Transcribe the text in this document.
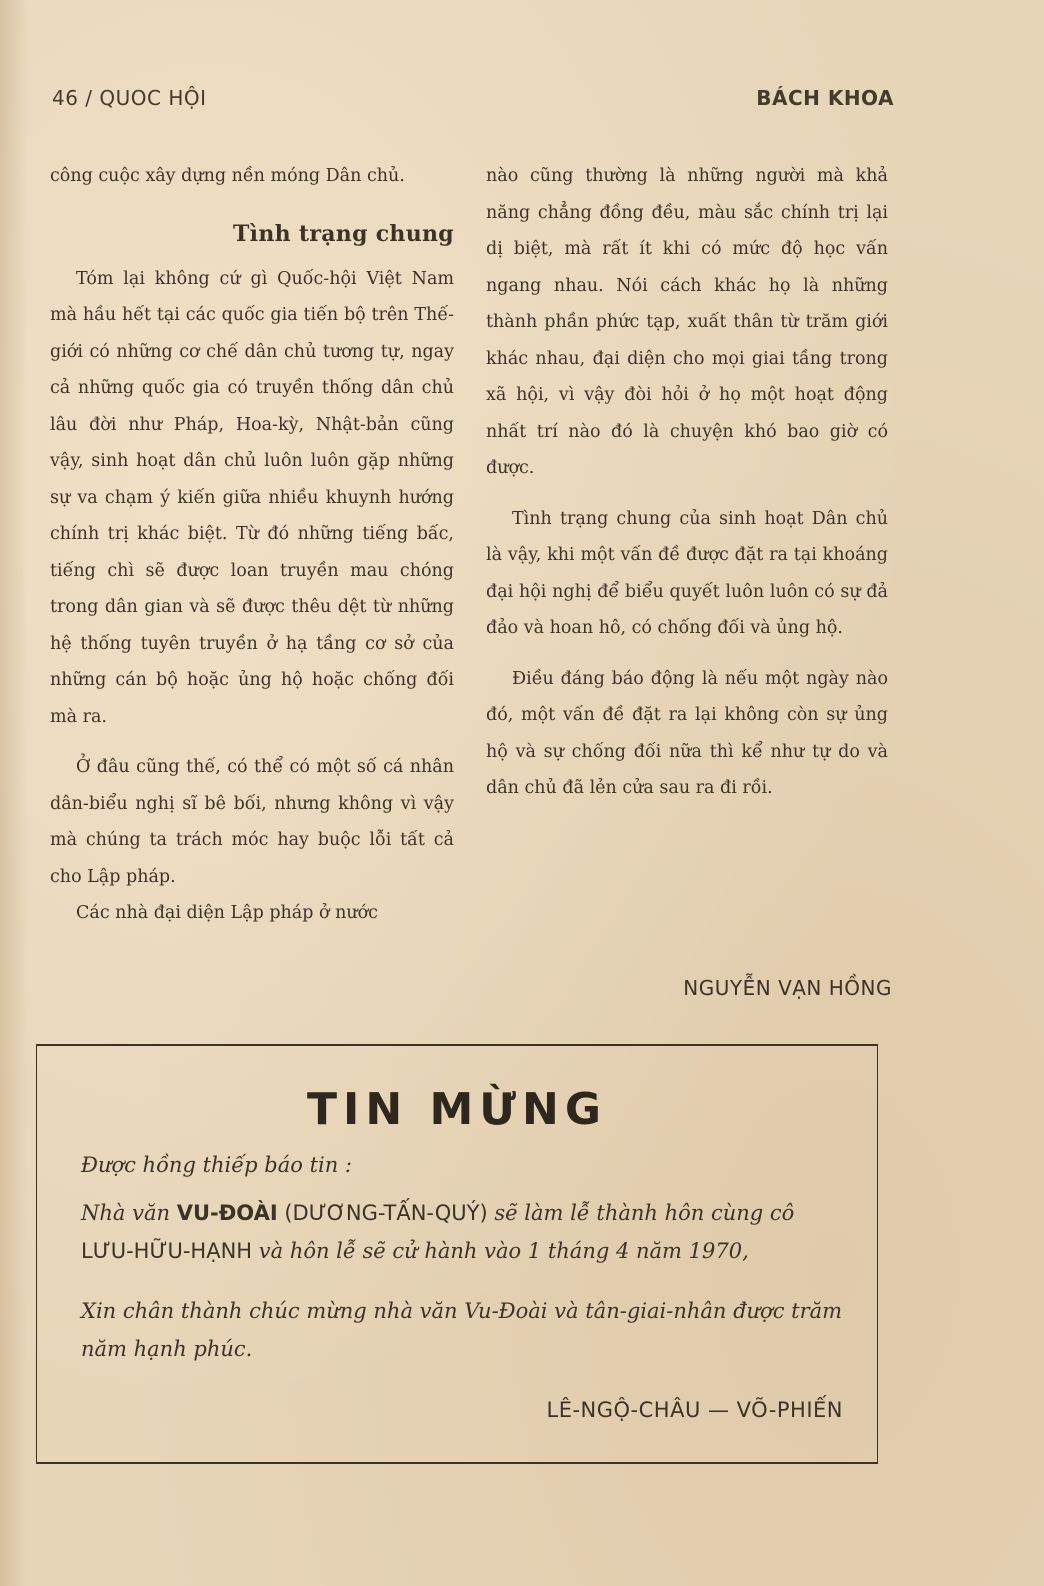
46 / QUOC HỘI	BÁCH KHOA

công cuộc xây dựng nền móng Dân chủ.

Tình trạng chung

Tóm lại không cứ gì Quốc-hội Việt Nam mà hầu hết tại các quốc gia tiến bộ trên Thế-giới có những cơ chế dân chủ tương tự, ngay cả những quốc gia có truyền thống dân chủ lâu đời như Pháp, Hoa-kỳ, Nhật-bản cũng vậy, sinh hoạt dân chủ luôn luôn gặp những sự va chạm ý kiến giữa nhiều khuynh hướng chính trị khác biệt. Từ đó những tiếng bấc, tiếng chì sẽ được loan truyền mau chóng trong dân gian và sẽ được thêu dệt từ những hệ thống tuyên truyền ở hạ tầng cơ sở của những cán bộ hoặc ủng hộ hoặc chống đối mà ra.

Ở đâu cũng thế, có thể có một số cá nhân dân-biểu nghị sĩ bê bối, nhưng không vì vậy mà chúng ta trách móc hay buộc lỗi tất cả cho Lập pháp.

Các nhà đại diện Lập pháp ở nước

nào cũng thường là những người mà khả năng chẳng đồng đều, màu sắc chính trị lại dị biệt, mà rất ít khi có mức độ học vấn ngang nhau. Nói cách khác họ là những thành phần phức tạp, xuất thân từ trăm giới khác nhau, đại diện cho mọi giai tầng trong xã hội, vì vậy đòi hỏi ở họ một hoạt động nhất trí nào đó là chuyện khó bao giờ có được.

Tình trạng chung của sinh hoạt Dân chủ là vậy, khi một vấn đề được đặt ra tại khoáng đại hội nghị để biểu quyết luôn luôn có sự đả đảo và hoan hô, có chống đối và ủng hộ.

Điều đáng báo động là nếu một ngày nào đó, một vấn đề đặt ra lại không còn sự ủng hộ và sự chống đối nữa thì kể như tự do và dân chủ đã lẻn cửa sau ra đi rồi.

NGUYỄN VẠN HỒNG
TIN MỪNG

Được hồng thiếp báo tin :

Nhà văn VU-ĐOÀI (DƯƠNG-TẤN-QUÝ) sẽ làm lễ thành hôn cùng cô LƯU-HỮU-HẠNH và hôn lễ sẽ cử hành vào 1 tháng 4 năm 1970,

Xin chân thành chúc mừng nhà văn Vu-Đoài và tân-giai-nhân được trăm năm hạnh phúc.

LÊ-NGỘ-CHÂU — VÕ-PHIẾN
